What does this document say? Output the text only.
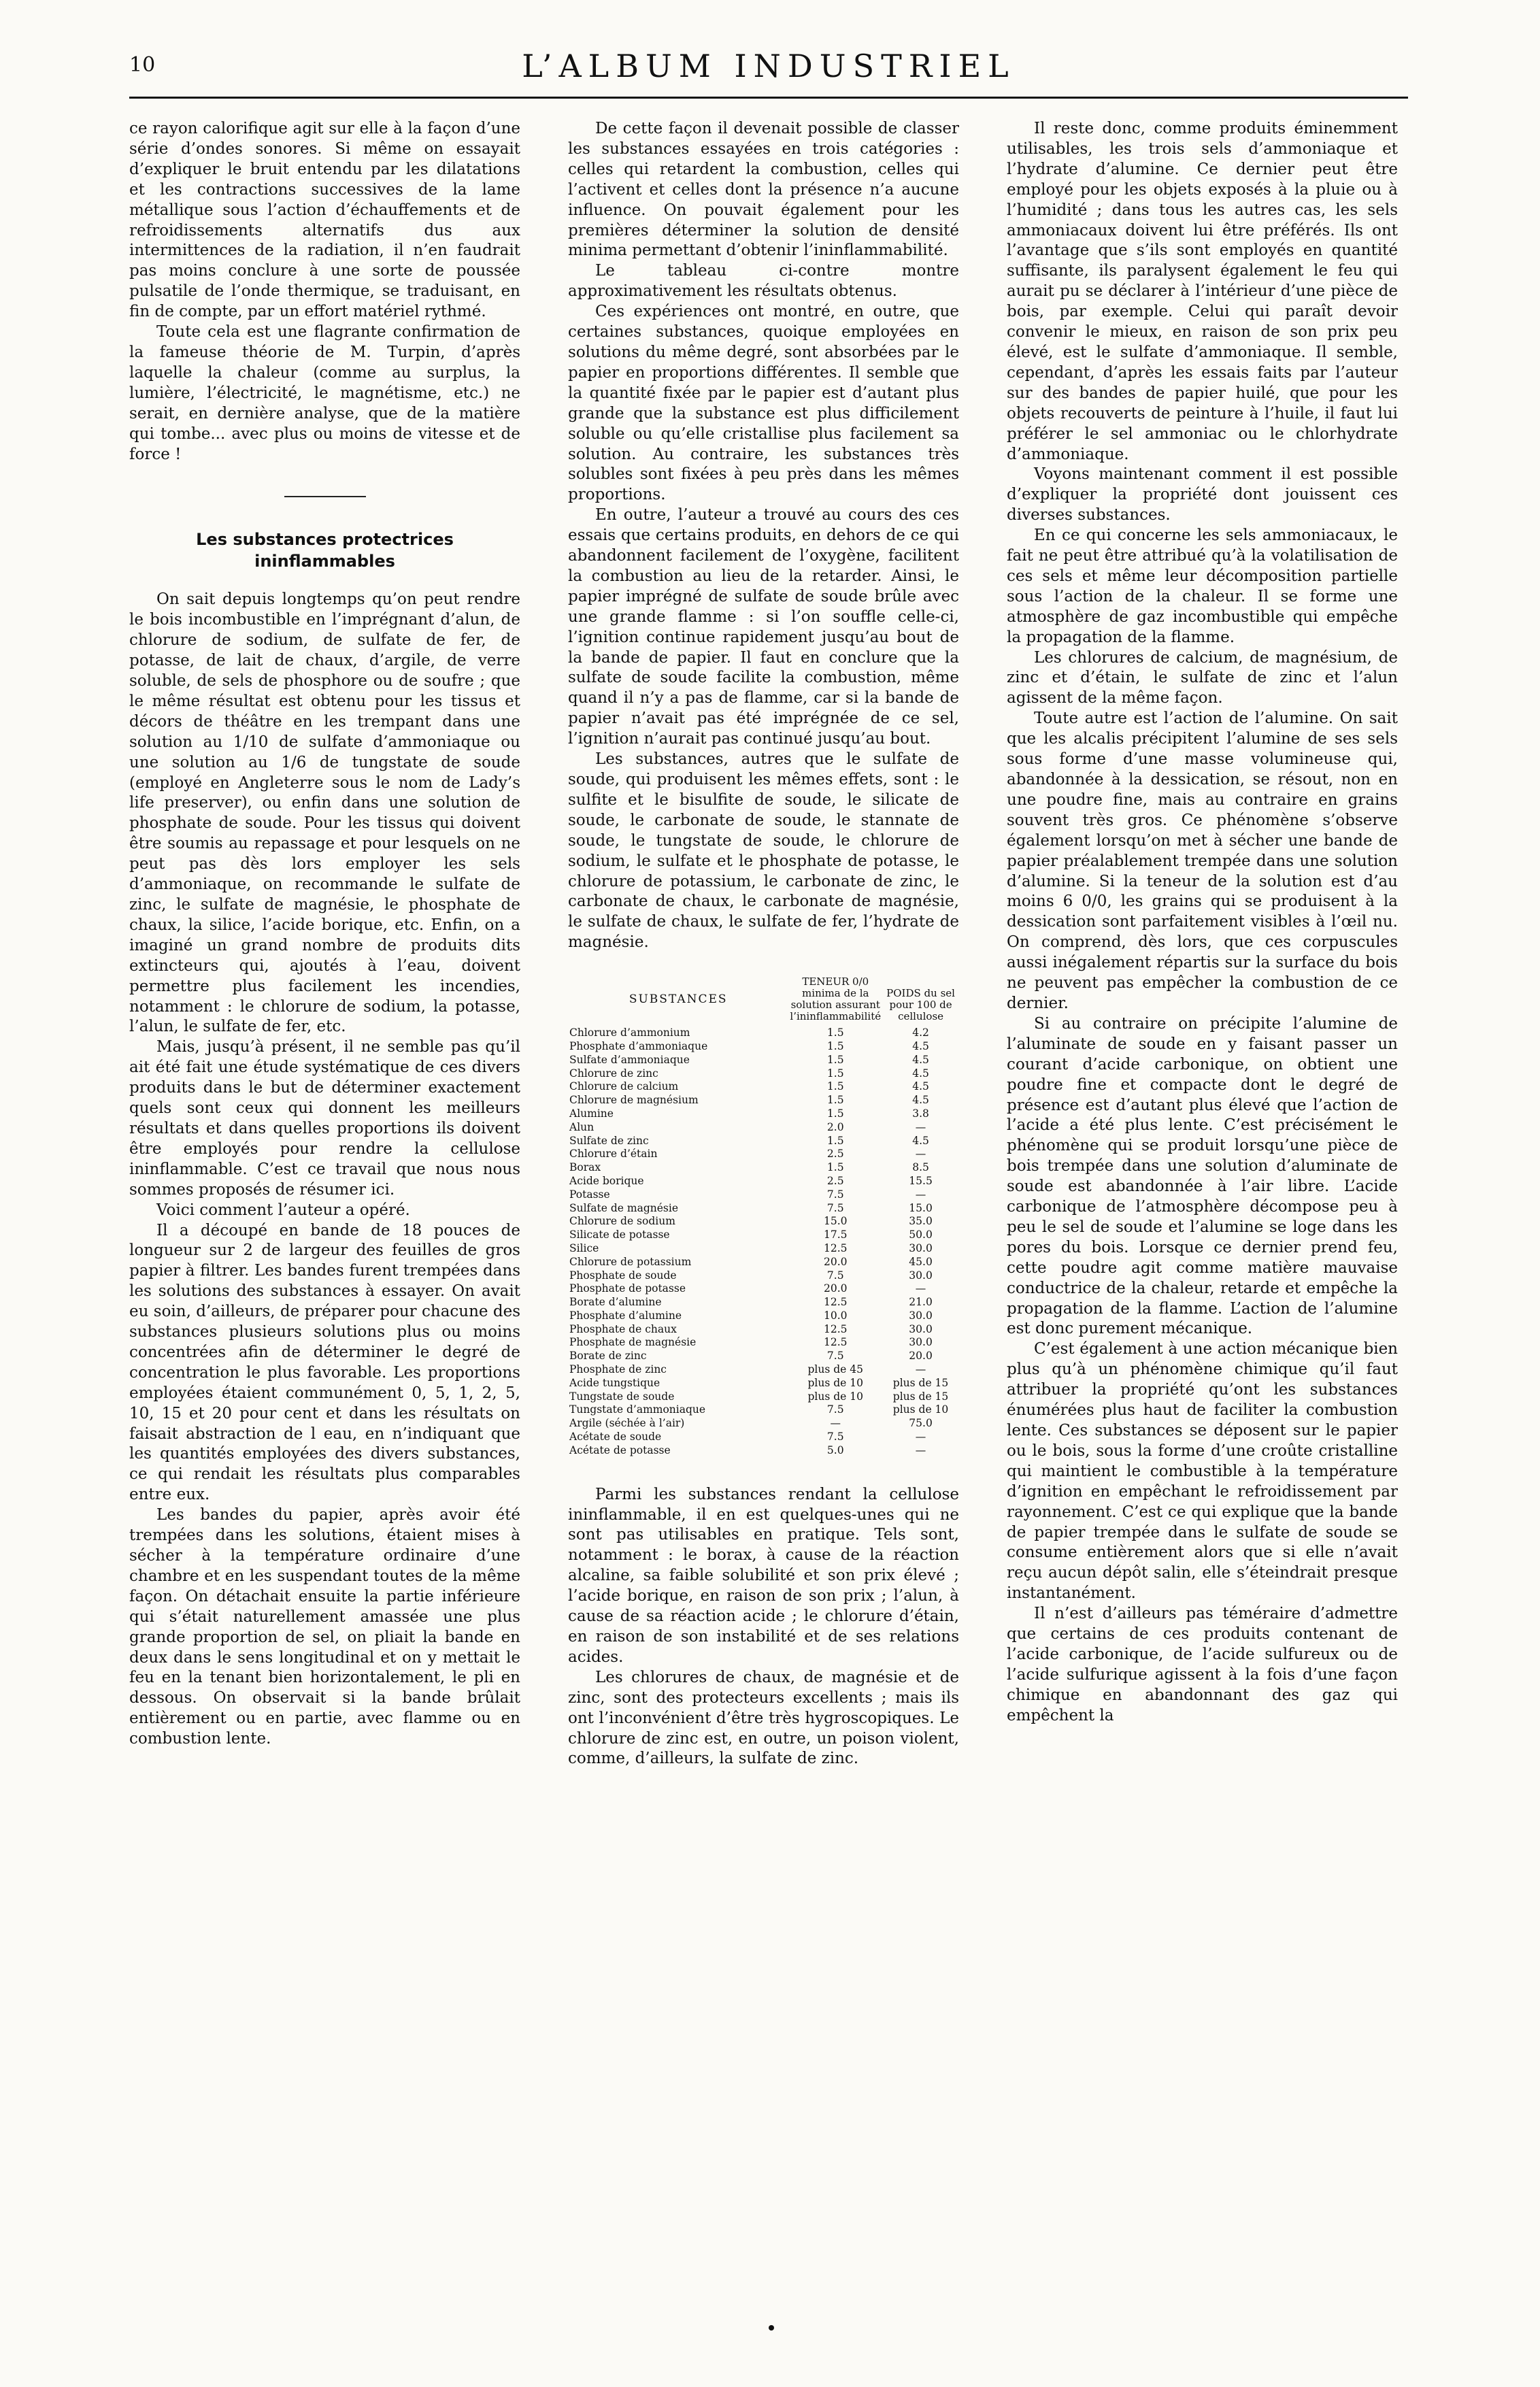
10	L’ALBUM INDUSTRIEL

ce rayon calorifique agit sur elle à la façon d’une série d’ondes sonores. Si même on essayait d’expliquer le bruit entendu par les dilatations et les contractions successives de la lame métallique sous l’action d’échauffements et de refroidissements alternatifs dus aux intermittences de la radiation, il n’en faudrait pas moins conclure à une sorte de poussée pulsatile de l’onde thermique, se traduisant, en fin de compte, par un effort matériel rythmé.

Toute cela est une flagrante confirmation de la fameuse théorie de M. Turpin, d’après laquelle la chaleur (comme au surplus, la lumière, l’électricité, le magnétisme, etc.) ne serait, en dernière analyse, que de la matière qui tombe... avec plus ou moins de vitesse et de force !

Les substances protectrices ininflammables

On sait depuis longtemps qu’on peut rendre le bois incombustible en l’imprégnant d’alun, de chlorure de sodium, de sulfate de fer, de potasse, de lait de chaux, d’argile, de verre soluble, de sels de phosphore ou de soufre ; que le même résultat est obtenu pour les tissus et décors de théâtre en les trempant dans une solution au 1/10 de sulfate d’ammoniaque ou une solution au 1/6 de tungstate de soude (employé en Angleterre sous le nom de Lady’s life preserver), ou enfin dans une solution de phosphate de soude. Pour les tissus qui doivent être soumis au repassage et pour lesquels on ne peut pas dès lors employer les sels d’ammoniaque, on recommande le sulfate de zinc, le sulfate de magnésie, le phosphate de chaux, la silice, l’acide borique, etc. Enfin, on a imaginé un grand nombre de produits dits extincteurs qui, ajoutés à l’eau, doivent permettre plus facilement les incendies, notamment : le chlorure de sodium, la potasse, l’alun, le sulfate de fer, etc.

Mais, jusqu’à présent, il ne semble pas qu’il ait été fait une étude systématique de ces divers produits dans le but de déterminer exactement quels sont ceux qui donnent les meilleurs résultats et dans quelles proportions ils doivent être employés pour rendre la cellulose ininflammable. C’est ce travail que nous nous sommes proposés de résumer ici.

Voici comment l’auteur a opéré.

Il a découpé en bande de 18 pouces de longueur sur 2 de largeur des feuilles de gros papier à filtrer. Les bandes furent trempées dans les solutions des substances à essayer. On avait eu soin, d’ailleurs, de préparer pour chacune des substances plusieurs solutions plus ou moins concentrées afin de déterminer le degré de concentration le plus favorable. Les proportions employées étaient communément 0, 5, 1, 2, 5, 10, 15 et 20 pour cent et dans les résultats on faisait abstraction de l eau, en n’indiquant que les quantités employées des divers substances, ce qui rendait les résultats plus comparables entre eux.

Les bandes du papier, après avoir été trempées dans les solutions, étaient mises à sécher à la température ordinaire d’une chambre et en les suspendant toutes de la même façon. On détachait ensuite la partie inférieure qui s’était naturellement amassée une plus grande proportion de sel, on pliait la bande en deux dans le sens longitudinal et on y mettait le feu en la tenant bien horizontalement, le pli en dessous. On observait si la bande brûlait entièrement ou en partie, avec flamme ou en combustion lente.

De cette façon il devenait possible de classer les substances essayées en trois catégories : celles qui retardent la combustion, celles qui l’activent et celles dont la présence n’a aucune influence. On pouvait également pour les premières déterminer la solution de densité minima permettant d’obtenir l’ininflammabilité.

Le tableau ci-contre montre approximativement les résultats obtenus.

Ces expériences ont montré, en outre, que certaines substances, quoique employées en solutions du même degré, sont absorbées par le papier en proportions différentes. Il semble que la quantité fixée par le papier est d’autant plus grande que la substance est plus difficilement soluble ou qu’elle cristallise plus facilement sa solution. Au contraire, les substances très solubles sont fixées à peu près dans les mêmes proportions.

En outre, l’auteur a trouvé au cours des ces essais que certains produits, en dehors de ce qui abandonnent facilement de l’oxygène, facilitent la combustion au lieu de la retarder. Ainsi, le papier imprégné de sulfate de soude brûle avec une grande flamme : si l’on souffle celle-ci, l’ignition continue rapidement jusqu’au bout de la bande de papier. Il faut en conclure que la sulfate de soude facilite la combustion, même quand il n’y a pas de flamme, car si la bande de papier n’avait pas été imprégnée de ce sel, l’ignition n’aurait pas continué jusqu’au bout.

Les substances, autres que le sulfate de soude, qui produisent les mêmes effets, sont : le sulfite et le bisulfite de soude, le silicate de soude, le carbonate de soude, le stannate de soude, le tungstate de soude, le chlorure de sodium, le sulfate et le phosphate de potasse, le chlorure de potassium, le carbonate de zinc, le carbonate de chaux, le carbonate de magnésie, le sulfate de chaux, le sulfate de fer, l’hydrate de magnésie.

SUBSTANCES	TENEUR 0/0 minima de la solution assurant l’ininflammabilité	POIDS du sel pour 100 de cellulose
Chlorure d’ammonium	1.5	4.2
Phosphate d’ammoniaque	1.5	4.5
Sulfate d’ammoniaque	1.5	4.5
Chlorure de zinc	1.5	4.5
Chlorure de calcium	1.5	4.5
Chlorure de magnésium	1.5	4.5
Alumine	1.5	3.8
Alun	2.0	—
Sulfate de zinc	1.5	4.5
Chlorure d’étain	2.5	—
Borax	1.5	8.5
Acide borique	2.5	15.5
Potasse	7.5	—
Sulfate de magnésie	7.5	15.0
Chlorure de sodium	15.0	35.0
Silicate de potasse	17.5	50.0
Silice	12.5	30.0
Chlorure de potassium	20.0	45.0
Phosphate de soude	7.5	30.0
Phosphate de potasse	20.0	—
Borate d’alumine	12.5	21.0
Phosphate d’alumine	10.0	30.0
Phosphate de chaux	12.5	30.0
Phosphate de magnésie	12.5	30.0
Borate de zinc	7.5	20.0
Phosphate de zinc	plus de 45	—
Acide tungstique	plus de 10	plus de 15
Tungstate de soude	plus de 10	plus de 15
Tungstate d’ammoniaque	7.5	plus de 10
Argile (séchée à l’air)	—	75.0
Acétate de soude	7.5	—
Acétate de potasse	5.0	—

Parmi les substances rendant la cellulose ininflammable, il en est quelques-unes qui ne sont pas utilisables en pratique. Tels sont, notamment : le borax, à cause de la réaction alcaline, sa faible solubilité et son prix élevé ; l’acide borique, en raison de son prix ; l’alun, à cause de sa réaction acide ; le chlorure d’étain, en raison de son instabilité et de ses relations acides.

Les chlorures de chaux, de magnésie et de zinc, sont des protecteurs excellents ; mais ils ont l’inconvénient d’être très hygroscopiques. Le chlorure de zinc est, en outre, un poison violent, comme, d’ailleurs, la sulfate de zinc.

Il reste donc, comme produits éminemment utilisables, les trois sels d’ammoniaque et l’hydrate d’alumine. Ce dernier peut être employé pour les objets exposés à la pluie ou à l’humidité ; dans tous les autres cas, les sels ammoniacaux doivent lui être préférés. Ils ont l’avantage que s’ils sont employés en quantité suffisante, ils paralysent également le feu qui aurait pu se déclarer à l’intérieur d’une pièce de bois, par exemple. Celui qui paraît devoir convenir le mieux, en raison de son prix peu élevé, est le sulfate d’ammoniaque. Il semble, cependant, d’après les essais faits par l’auteur sur des bandes de papier huilé, que pour les objets recouverts de peinture à l’huile, il faut lui préférer le sel ammoniac ou le chlorhydrate d’ammoniaque.

Voyons maintenant comment il est possible d’expliquer la propriété dont jouissent ces diverses substances.

En ce qui concerne les sels ammoniacaux, le fait ne peut être attribué qu’à la volatilisation de ces sels et même leur décomposition partielle sous l’action de la chaleur. Il se forme une atmosphère de gaz incombustible qui empêche la propagation de la flamme.

Les chlorures de calcium, de magnésium, de zinc et d’étain, le sulfate de zinc et l’alun agissent de la même façon.

Toute autre est l’action de l’alumine. On sait que les alcalis précipitent l’alumine de ses sels sous forme d’une masse volumineuse qui, abandonnée à la dessication, se résout, non en une poudre fine, mais au contraire en grains souvent très gros. Ce phénomène s’observe également lorsqu’on met à sécher une bande de papier préalablement trempée dans une solution d’alumine. Si la teneur de la solution est d’au moins 6 0/0, les grains qui se produisent à la dessication sont parfaitement visibles à l’œil nu. On comprend, dès lors, que ces corpuscules aussi inégalement répartis sur la surface du bois ne peuvent pas empêcher la combustion de ce dernier.

Si au contraire on précipite l’alumine de l’aluminate de soude en y faisant passer un courant d’acide carbonique, on obtient une poudre fine et compacte dont le degré de présence est d’autant plus élevé que l’action de l’acide a été plus lente. C’est précisément le phénomène qui se produit lorsqu’une pièce de bois trempée dans une solution d’aluminate de soude est abandonnée à l’air libre. L’acide carbonique de l’atmosphère décompose peu à peu le sel de soude et l’alumine se loge dans les pores du bois. Lorsque ce dernier prend feu, cette poudre agit comme matière mauvaise conductrice de la chaleur, retarde et empêche la propagation de la flamme. L’action de l’alumine est donc purement mécanique.

C’est également à une action mécanique bien plus qu’à un phénomène chimique qu’il faut attribuer la propriété qu’ont les substances énumérées plus haut de faciliter la combustion lente. Ces substances se déposent sur le papier ou le bois, sous la forme d’une croûte cristalline qui maintient le combustible à la température d’ignition en empêchant le refroidissement par rayonnement. C’est ce qui explique que la bande de papier trempée dans le sulfate de soude se consume entièrement alors que si elle n’avait reçu aucun dépôt salin, elle s’éteindrait presque instantanément.

Il n’est d’ailleurs pas téméraire d’admettre que certains de ces produits contenant de l’acide carbonique, de l’acide sulfureux ou de l’acide sulfurique agissent à la fois d’une façon chimique en abandonnant des gaz qui empêchent la
